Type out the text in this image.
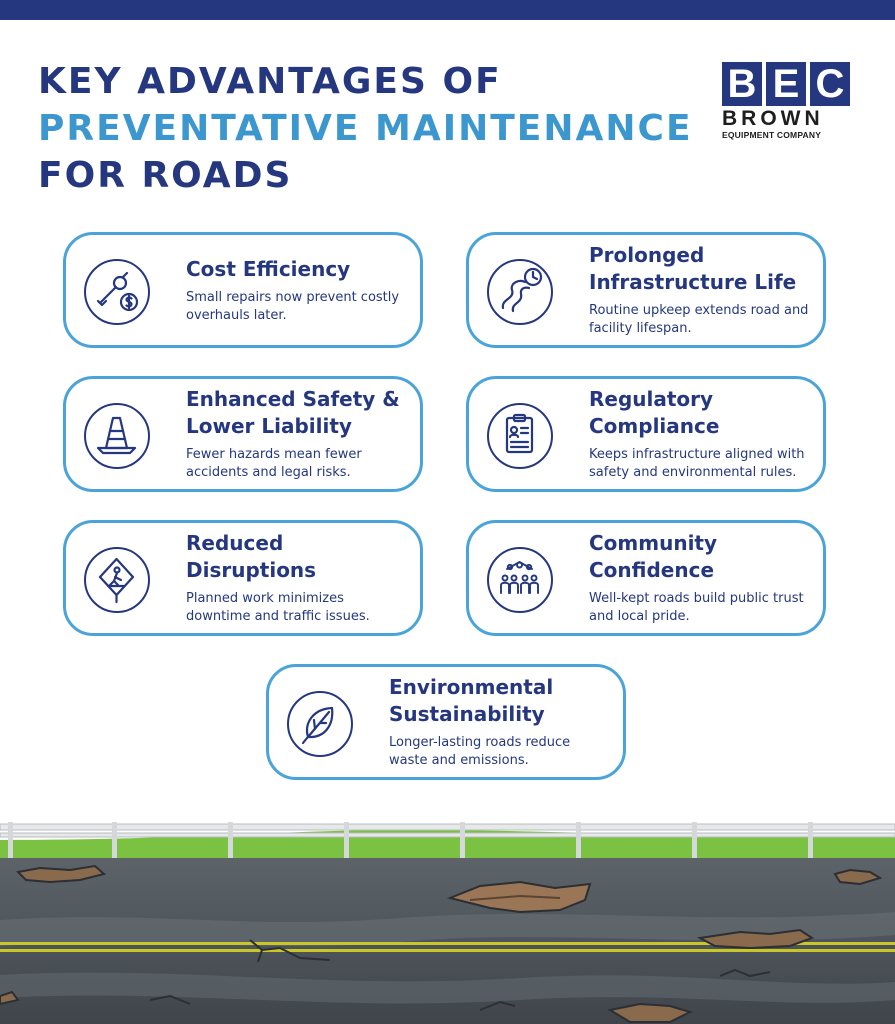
KEY ADVANTAGES OF
PREVENTATIVE MAINTENANCE
FOR ROADS
B E C
BROWN
EQUIPMENT COMPANY
Cost Efficiency
Small repairs now prevent costly overhauls later.
Prolonged Infrastructure Life
Routine upkeep extends road and facility lifespan.
Enhanced Safety & Lower Liability
Fewer hazards mean fewer accidents and legal risks.
Regulatory Compliance
Keeps infrastructure aligned with safety and environmental rules.
Reduced Disruptions
Planned work minimizes downtime and traffic issues.
Community Confidence
Well-kept roads build public trust and local pride.
Environmental Sustainability
Longer-lasting roads reduce waste and emissions.
